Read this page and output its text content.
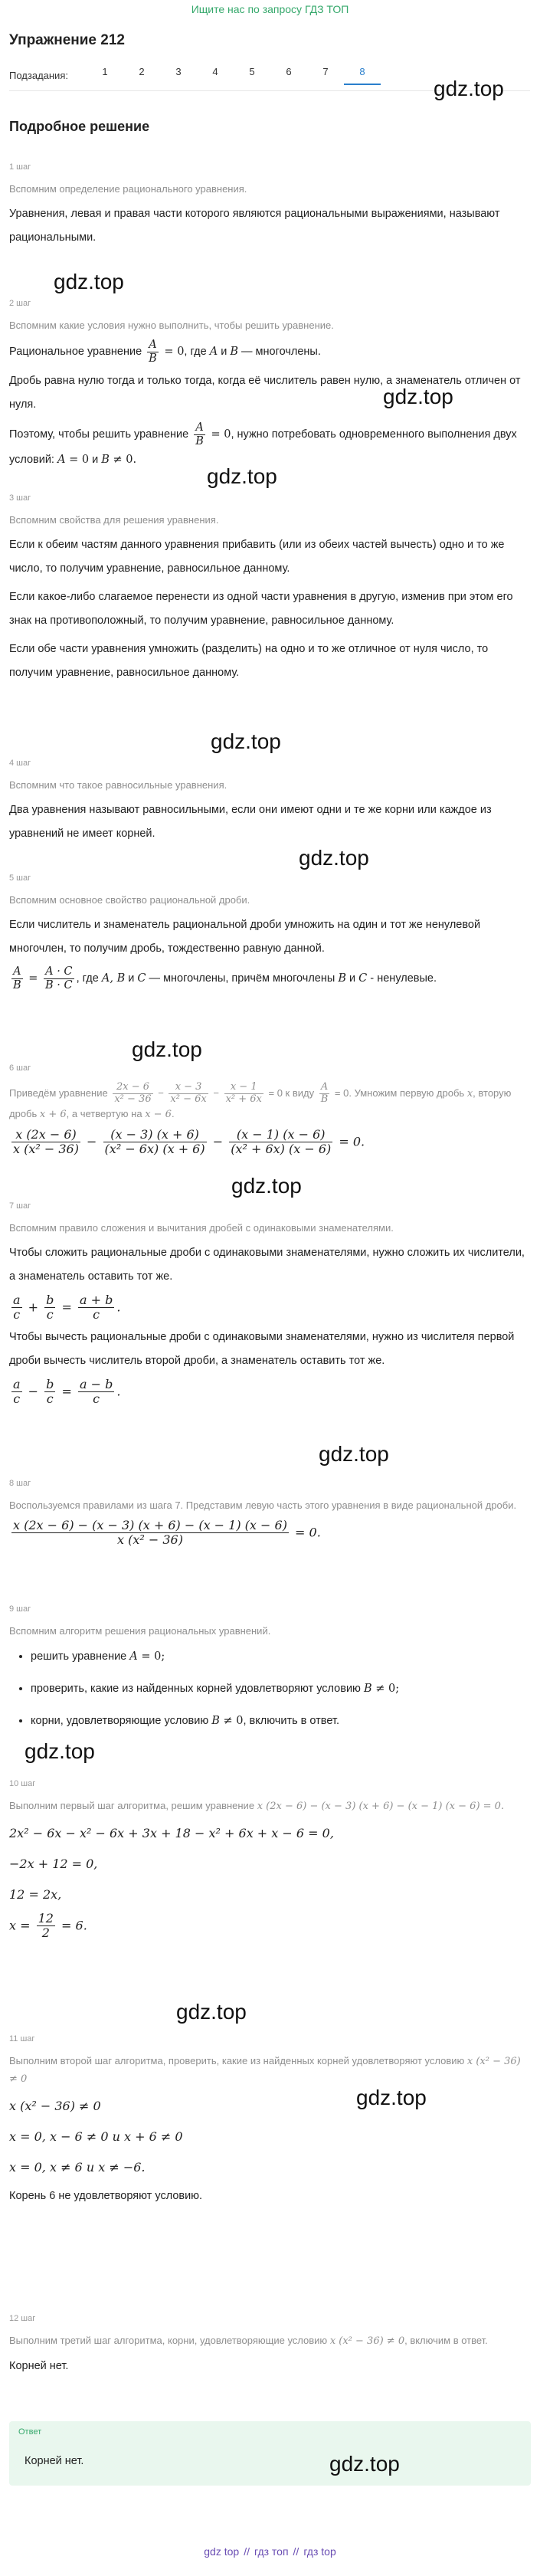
Ищите нас по запросу ГДЗ ТОП
Упражнение 212
Подзадания:	1	2	3	4	5	6	7	8
gdz.top
Подробное решение
1 шаг
Вспомним определение рационального уравнения.
Уравнения, левая и правая части которого являются рациональными выражениями, называют рациональными.
gdz.top
2 шаг
Вспомним какие условия нужно выполнить, чтобы решить уравнение.
Рациональное уравнение $\frac{A}{B} = 0$, где A и B — многочлены.
Дробь равна нулю тогда и только тогда, когда её числитель равен нулю, а знаменатель отличен от нуля.
Поэтому, чтобы решить уравнение $\frac{A}{B} = 0$, нужно потребовать одновременного выполнения двух условий: A = 0 и B ≠ 0.
gdz.top
gdz.top
3 шаг
Вспомним свойства для решения уравнения.
Если к обеим частям данного уравнения прибавить (или из обеих частей вычесть) одно и то же число, то получим уравнение, равносильное данному.
Если какое-либо слагаемое перенести из одной части уравнения в другую, изменив при этом его знак на противоположный, то получим уравнение, равносильное данному.
Если обе части уравнения умножить (разделить) на одно и то же отличное от нуля число, то получим уравнение, равносильное данному.
gdz.top
4 шаг
Вспомним что такое равносильные уравнения.
Два уравнения называют равносильными, если они имеют одни и те же корни или каждое из уравнений не имеет корней.
gdz.top
5 шаг
Вспомним основное свойство рациональной дроби.
Если числитель и знаменатель рациональной дроби умножить на один и тот же ненулевой многочлен, то получим дробь, тождественно равную данной.
$\frac{A}{B} = \frac{A \cdot C}{B \cdot C}$ , где A, B и C — многочлены, причём многочлены B и C - ненулевые.
gdz.top
6 шаг
Приведём уравнение $\frac{2x - 6}{\text{x² − 36}} - \frac{x - 3}{\text{x² − 6x}} - \frac{x - 1}{\text{x² + 6x}} = 0$ к виду $\frac{A}{B} = 0$. Умножим первую дробь x, вторую дробь x + 6, а четвертую на x − 6.
$\frac{x (2x - 6)}{\text{x (x² − 36)}} - \frac{(x - 3) (x + 6)}{\text{(x² − 6x) (x + 6)}} - \frac{(x - 1) (x - 6)}{\text{(x² + 6x) (x − 6)}} = 0$.
gdz.top
7 шаг
Вспомним правило сложения и вычитания дробей с одинаковыми знаменателями.
Чтобы сложить рациональные дроби с одинаковыми знаменателями, нужно сложить их числители, а знаменатель оставить тот же.
$\frac{a}{c} + \frac{b}{c} = \frac{a + b}{c}$ .
Чтобы вычесть рациональные дроби с одинаковыми знаменателями, нужно из числителя первой дроби вычесть числитель второй дроби, а знаменатель оставить тот же.
$\frac{a}{c} - \frac{b}{c} = \frac{a - b}{c}$ .
gdz.top
8 шаг
Воспользуемся правилами из шага 7. Представим левую часть этого уравнения в виде рациональной дроби.
$\frac{x (2x - 6) - (x - 3) (x + 6) - (x - 1) (x - 6)}{\text{x (x² − 36)}} = 0$.
9 шаг
Вспомним алгоритм решения рациональных уравнений.
• решить уравнение A = 0;
• проверить, какие из найденных корней удовлетворяют условию B ≠ 0;
• корни, удовлетворяющие условию B ≠ 0, включить в ответ.
gdz.top
10 шаг
Выполним первый шаг алгоритма, решим уравнение x (2x − 6) − (x − 3) (x + 6) − (x − 1) (x − 6) = 0.
2x² − 6x − x² − 6x + 3x + 18 − x² + 6x + x − 6 = 0,
−2x + 12 = 0,
12 = 2x,
$x = \frac{12}{2} = 6$.
gdz.top
11 шаг
Выполним второй шаг алгоритма, проверить, какие из найденных корней удовлетворяют условию x (x² − 36) ≠ 0
x (x² − 36) ≠ 0
x = 0, x − 6 ≠ 0 и x + 6 ≠ 0
x = 0, x ≠ 6 и x ≠ −6.
Корень 6 не удовлетворяют условию.
gdz.top
12 шаг
Выполним третий шаг алгоритма, корни, удовлетворяющие условию x (x² − 36) ≠ 0, включим в ответ.
Корней нет.
Ответ
Корней нет.	gdz.top
gdz top // гдз топ // гдз top
